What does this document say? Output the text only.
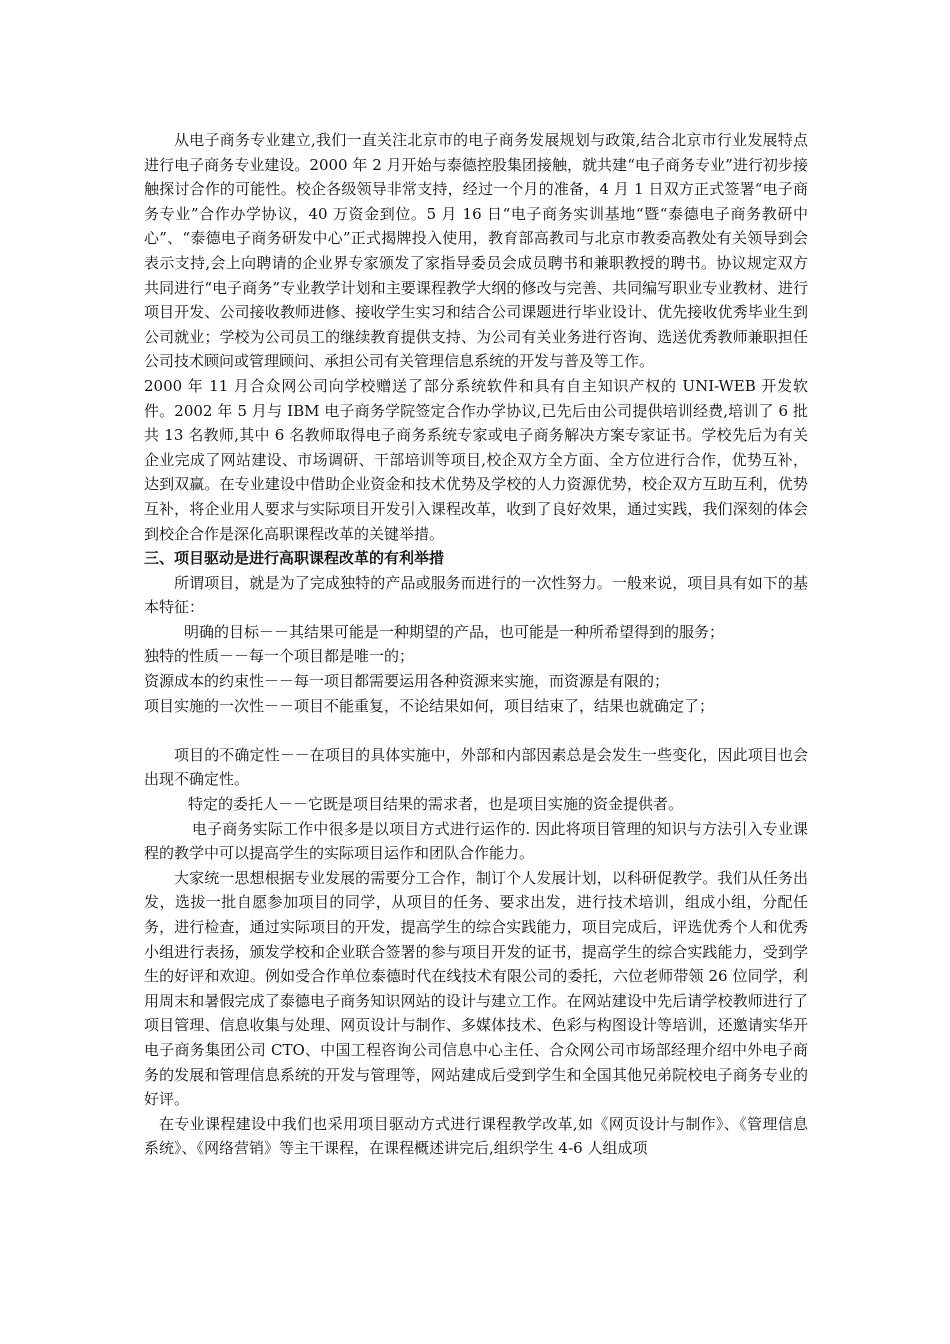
从电子商务专业建立,我们一直关注北京市的电子商务发展规划与政策,结合北京市行业发展特点进行电子商务专业建设。2000 年 2 月开始与泰德控股集团接触，就共建“电子商务专业”进行初步接触探讨合作的可能性。校企各级领导非常支持，经过一个月的准备，4 月 1 日双方正式签署“电子商务专业”合作办学协议，40 万资金到位。5 月 16 日“电子商务实训基地“暨“泰德电子商务教研中心”、“泰德电子商务研发中心”正式揭牌投入使用，教育部高教司与北京市教委高教处有关领导到会表示支持,会上向聘请的企业界专家颁发了家指导委员会成员聘书和兼职教授的聘书。协议规定双方共同进行“电子商务”专业教学计划和主要课程教学大纲的修改与完善、共同编写职业专业教材、进行项目开发、公司接收教师进修、接收学生实习和结合公司课题进行毕业设计、优先接收优秀毕业生到公司就业；学校为公司员工的继续教育提供支持、为公司有关业务进行咨询、选送优秀教师兼职担任公司技术顾问或管理顾问、承担公司有关管理信息系统的开发与普及等工作。

2000 年 11 月合众网公司向学校赠送了部分系统软件和具有自主知识产权的 UNI-WEB 开发软件。2002 年 5 月与 IBM 电子商务学院签定合作办学协议,已先后由公司提供培训经费,培训了 6 批共 13 名教师,其中 6 名教师取得电子商务系统专家或电子商务解决方案专家证书。学校先后为有关企业完成了网站建设、市场调研、干部培训等项目,校企双方全方面、全方位进行合作，优势互补，达到双赢。在专业建设中借助企业资金和技术优势及学校的人力资源优势，校企双方互助互利，优势互补，将企业用人要求与实际项目开发引入课程改革，收到了良好效果，通过实践，我们深刻的体会到校企合作是深化高职课程改革的关键举措。

三、项目驱动是进行高职课程改革的有利举措

所谓项目，就是为了完成独特的产品或服务而进行的一次性努力。一般来说，项目具有如下的基本特征：

明确的目标－－其结果可能是一种期望的产品，也可能是一种所希望得到的服务；

独特的性质－－每一个项目都是唯一的；

资源成本的约束性－－每一项目都需要运用各种资源来实施，而资源是有限的；

项目实施的一次性－－项目不能重复，不论结果如何，项目结束了，结果也就确定了；

项目的不确定性－－在项目的具体实施中，外部和内部因素总是会发生一些变化，因此项目也会出现不确定性。

特定的委托人－－它既是项目结果的需求者，也是项目实施的资金提供者。

电子商务实际工作中很多是以项目方式进行运作的. 因此将项目管理的知识与方法引入专业课程的教学中可以提高学生的实际项目运作和团队合作能力。

大家统一思想根据专业发展的需要分工合作，制订个人发展计划，以科研促教学。我们从任务出发，选拔一批自愿参加项目的同学，从项目的任务、要求出发，进行技术培训，组成小组，分配任务，进行检查，通过实际项目的开发，提高学生的综合实践能力，项目完成后，评选优秀个人和优秀小组进行表扬，颁发学校和企业联合签署的参与项目开发的证书，提高学生的综合实践能力，受到学生的好评和欢迎。例如受合作单位泰德时代在线技术有限公司的委托，六位老师带领 26 位同学，利用周末和暑假完成了泰德电子商务知识网站的设计与建立工作。在网站建设中先后请学校教师进行了项目管理、信息收集与处理、网页设计与制作、多媒体技术、色彩与构图设计等培训，还邀请实华开电子商务集团公司 CTO、中国工程咨询公司信息中心主任、合众网公司市场部经理介绍中外电子商务的发展和管理信息系统的开发与管理等，网站建成后受到学生和全国其他兄弟院校电子商务专业的好评。

在专业课程建设中我们也采用项目驱动方式进行课程教学改革,如《网页设计与制作》、《管理信息系统》、《网络营销》等主干课程，在课程概述讲完后,组织学生 4-6 人组成项
